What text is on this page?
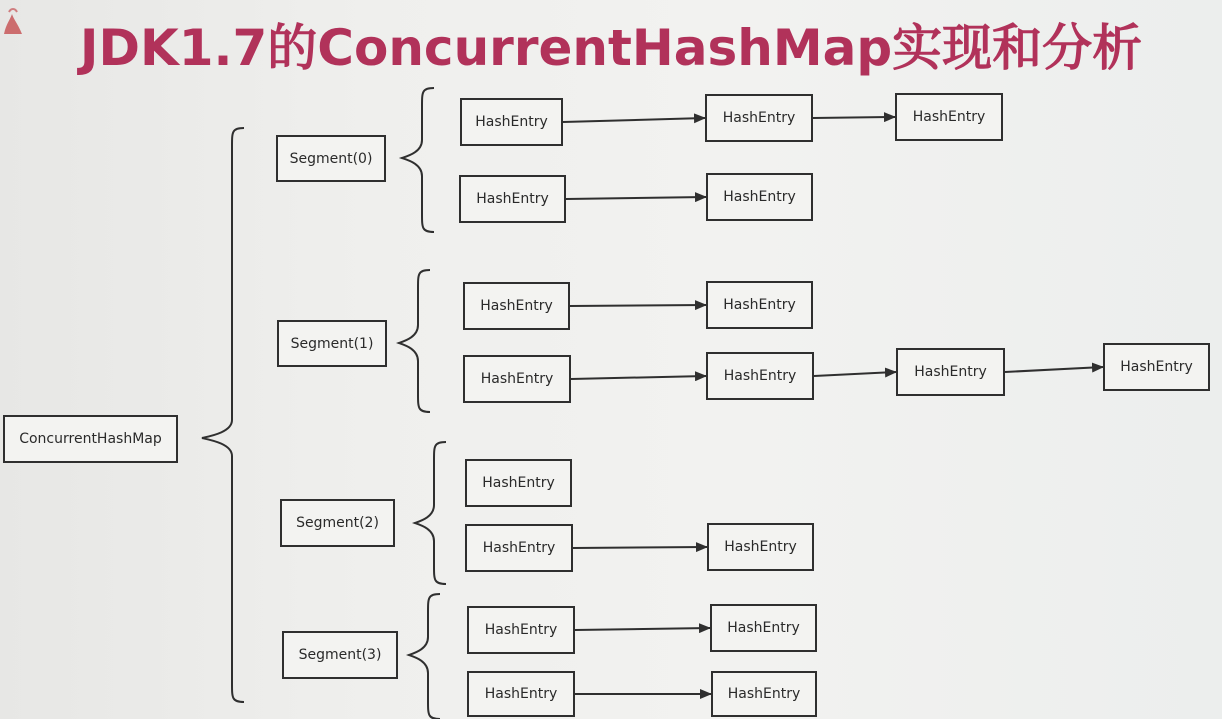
JDK1.7的ConcurrentHashMap实现和分析
ConcurrentHashMap
Segment(0)
Segment(1)
Segment(2)
Segment(3)
HashEntry	HashEntry	HashEntry
HashEntry	HashEntry
HashEntry	HashEntry
HashEntry	HashEntry	HashEntry	HashEntry
HashEntry
HashEntry	HashEntry
HashEntry	HashEntry
HashEntry	HashEntry
